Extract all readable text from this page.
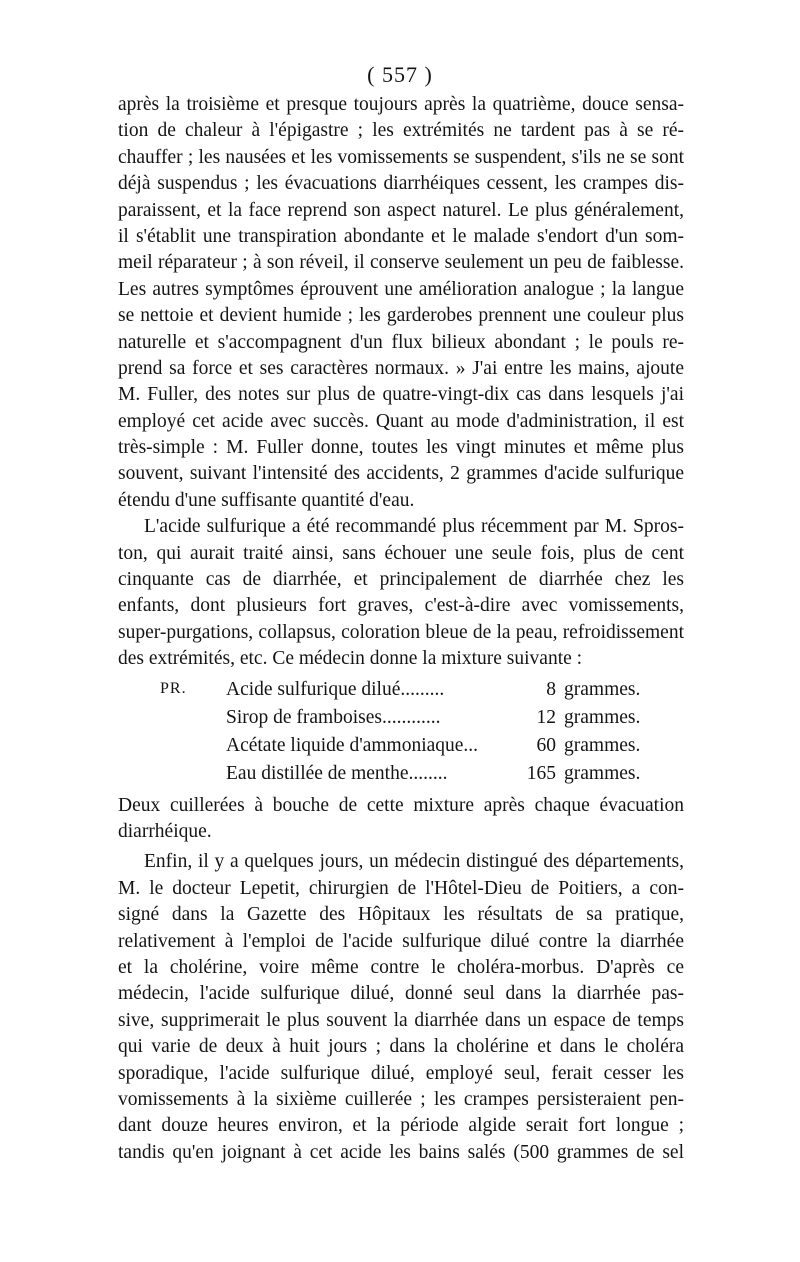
( 557 )
après la troisième et presque toujours après la quatrième, douce sensa-
tion de chaleur à l'épigastre ; les extrémités ne tardent pas à se ré-
chauffer ; les nausées et les vomissements se suspendent, s'ils ne se sont
déjà suspendus ; les évacuations diarrhéiques cessent, les crampes dis-
paraissent, et la face reprend son aspect naturel. Le plus généralement,
il s'établit une transpiration abondante et le malade s'endort d'un som-
meil réparateur ; à son réveil, il conserve seulement un peu de faiblesse.
Les autres symptômes éprouvent une amélioration analogue ; la langue
se nettoie et devient humide ; les garderobes prennent une couleur plus
naturelle et s'accompagnent d'un flux bilieux abondant ; le pouls re-
prend sa force et ses caractères normaux. » J'ai entre les mains, ajoute
M. Fuller, des notes sur plus de quatre-vingt-dix cas dans lesquels j'ai
employé cet acide avec succès. Quant au mode d'administration, il est
très-simple : M. Fuller donne, toutes les vingt minutes et même plus
souvent, suivant l'intensité des accidents, 2 grammes d'acide sulfurique
étendu d'une suffisante quantité d'eau.
L'acide sulfurique a été recommandé plus récemment par M. Spros-
ton, qui aurait traité ainsi, sans échouer une seule fois, plus de cent
cinquante cas de diarrhée, et principalement de diarrhée chez les
enfants, dont plusieurs fort graves, c'est-à-dire avec vomissements,
super-purgations, collapsus, coloration bleue de la peau, refroidissement
des extrémités, etc. Ce médecin donne la mixture suivante :
PR. Acide sulfurique dilué.........	8 grammes.
Sirop de framboises............	12 grammes.
Acétate liquide d'ammoniaque...	60 grammes.
Eau distillée de menthe........	165 grammes.
Deux cuillerées à bouche de cette mixture après chaque évacuation
diarrhéique.
Enfin, il y a quelques jours, un médecin distingué des départements,
M. le docteur Lepetit, chirurgien de l'Hôtel-Dieu de Poitiers, a con-
signé dans la Gazette des Hôpitaux les résultats de sa pratique,
relativement à l'emploi de l'acide sulfurique dilué contre la diarrhée
et la cholérine, voire même contre le choléra-morbus. D'après ce
médecin, l'acide sulfurique dilué, donné seul dans la diarrhée pas-
sive, supprimerait le plus souvent la diarrhée dans un espace de temps
qui varie de deux à huit jours ; dans la cholérine et dans le choléra
sporadique, l'acide sulfurique dilué, employé seul, ferait cesser les
vomissements à la sixième cuillerée ; les crampes persisteraient pen-
dant douze heures environ, et la période algide serait fort longue ;
tandis qu'en joignant à cet acide les bains salés (500 grammes de sel
